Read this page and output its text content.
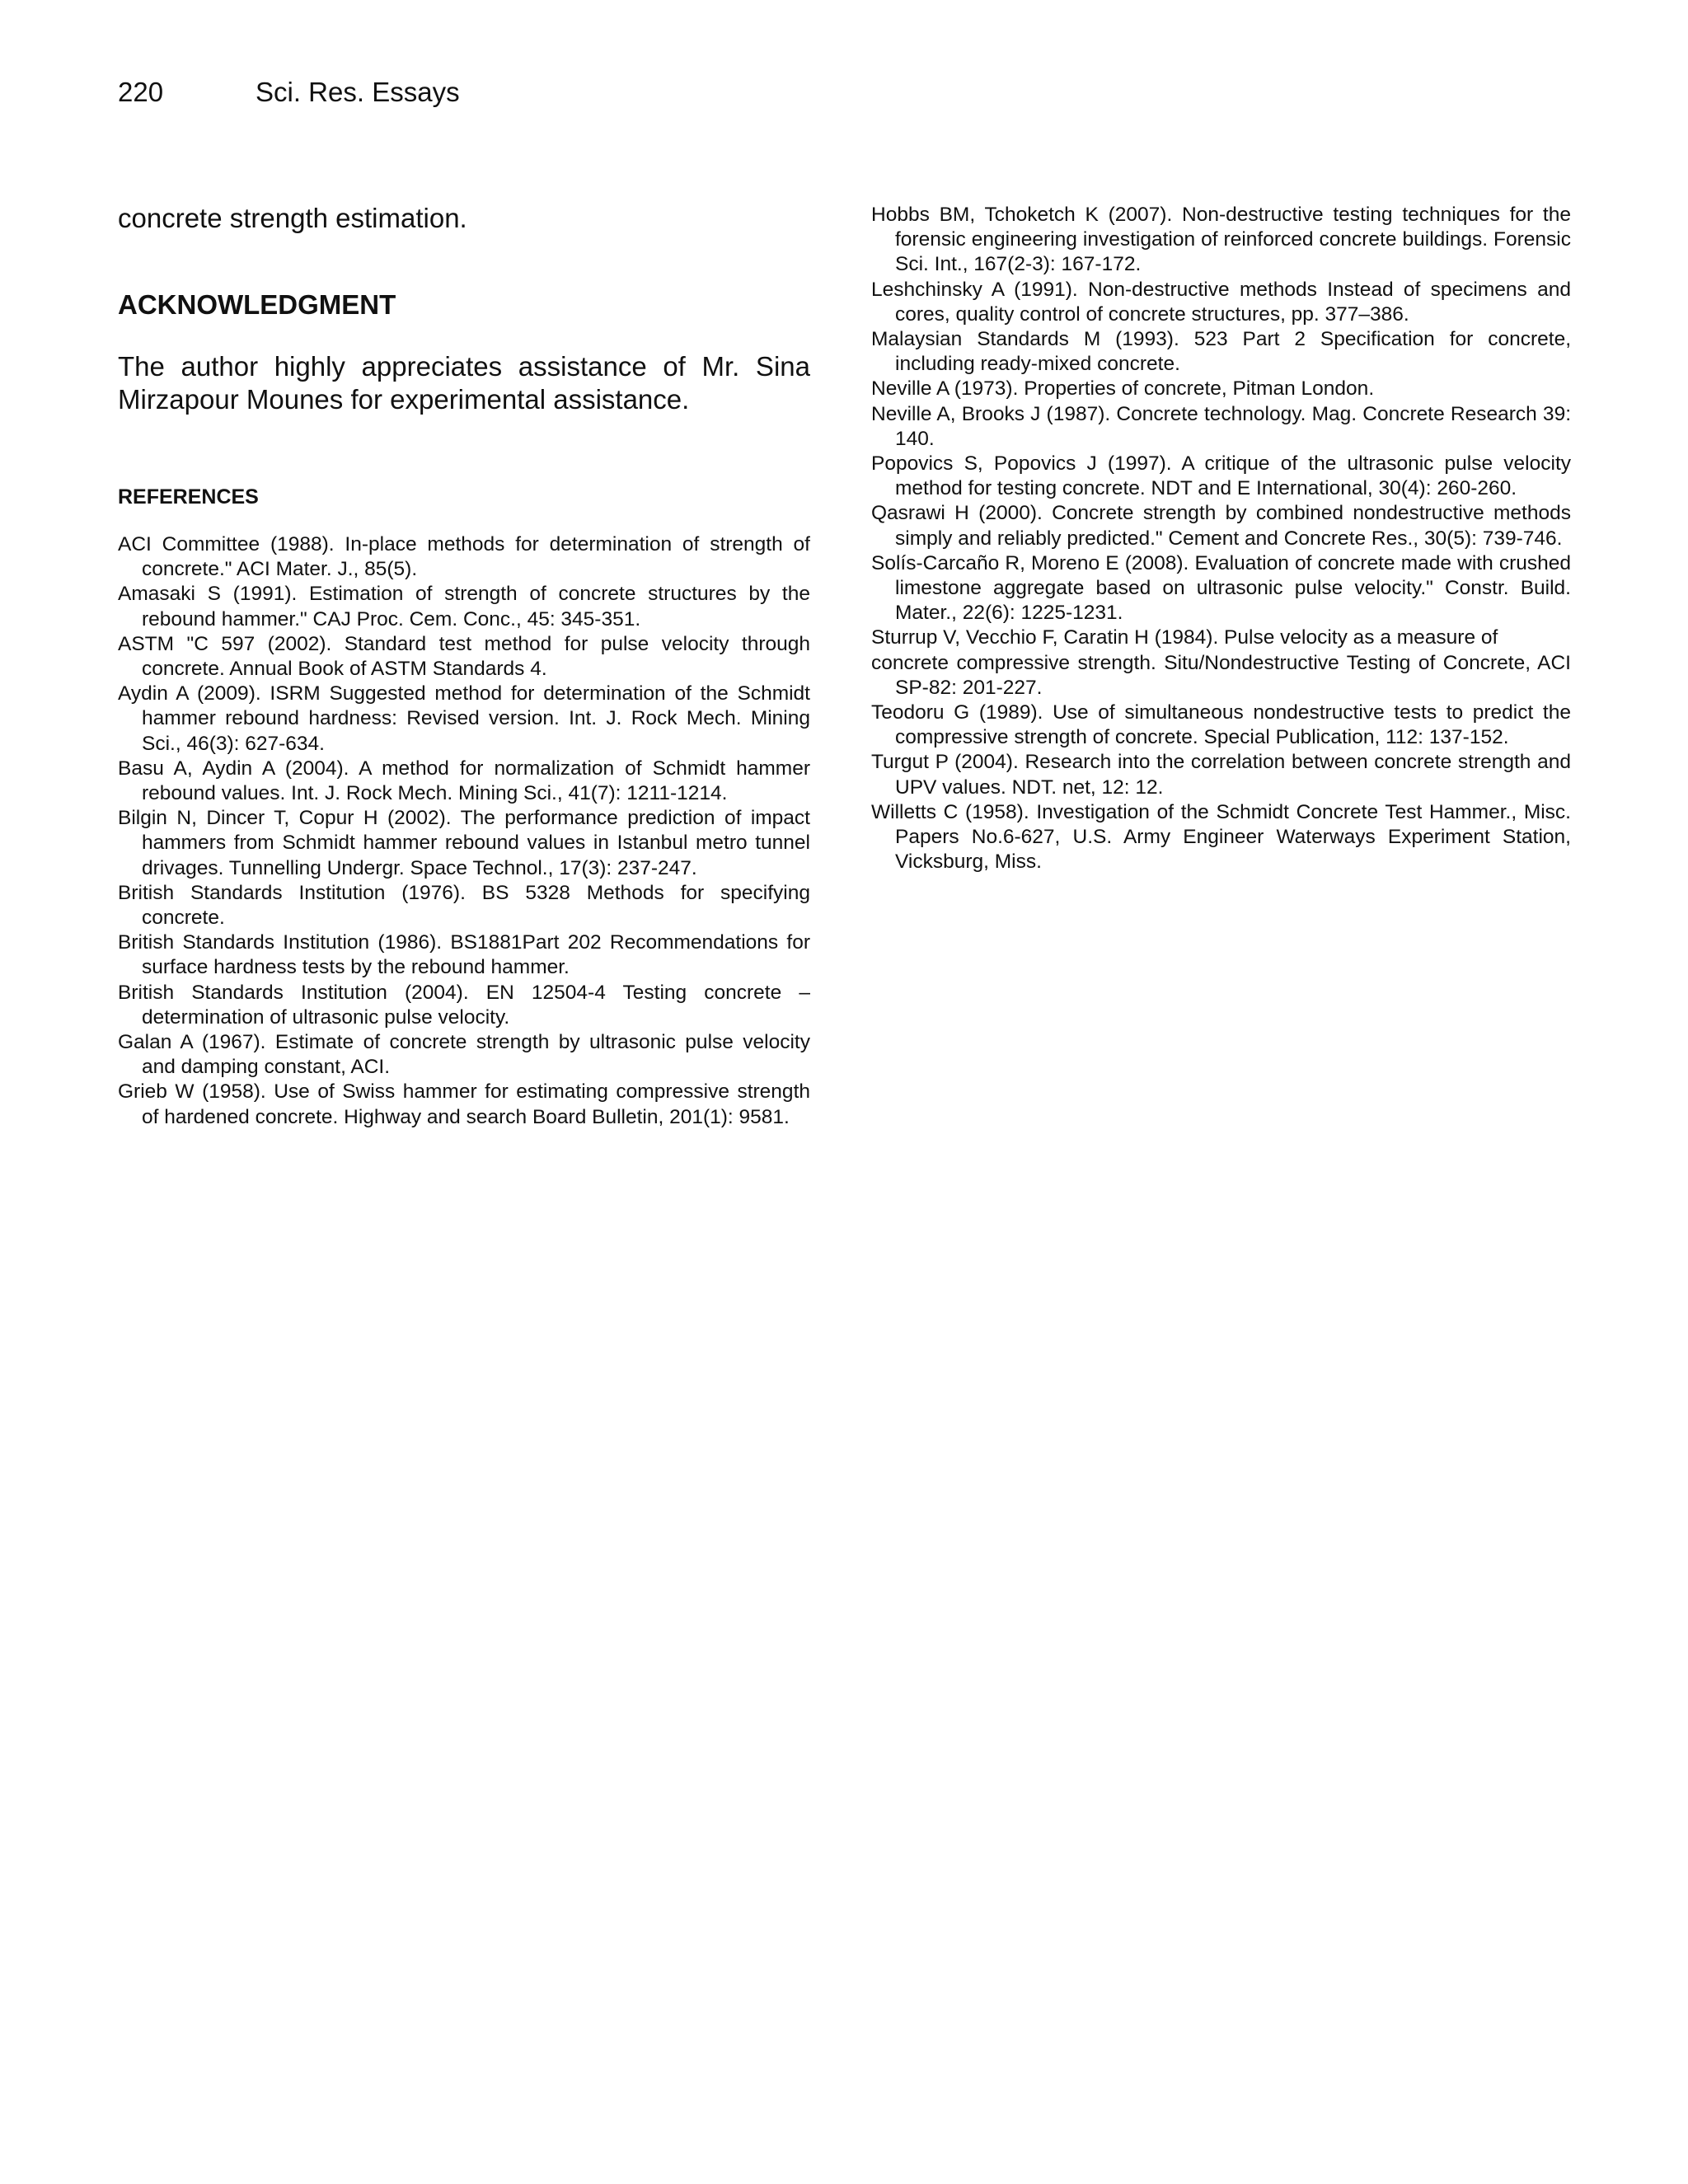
220	Sci. Res. Essays

concrete strength estimation.

ACKNOWLEDGMENT

The author highly appreciates assistance of Mr. Sina Mirzapour Mounes for experimental assistance.

REFERENCES
ACI Committee (1988). In-place methods for determination of strength of concrete." ACI Mater. J., 85(5).
Amasaki S (1991). Estimation of strength of concrete structures by the rebound hammer." CAJ Proc. Cem. Conc., 45: 345-351.
ASTM "C 597 (2002). Standard test method for pulse velocity through concrete. Annual Book of ASTM Standards 4.
Aydin A (2009). ISRM Suggested method for determination of the Schmidt hammer rebound hardness: Revised version. Int. J. Rock Mech. Mining Sci., 46(3): 627-634.
Basu A, Aydin A (2004). A method for normalization of Schmidt hammer rebound values. Int. J. Rock Mech. Mining Sci., 41(7): 1211-1214.
Bilgin N, Dincer T, Copur H (2002). The performance prediction of impact hammers from Schmidt hammer rebound values in Istanbul metro tunnel drivages. Tunnelling Undergr. Space Technol., 17(3): 237-247.
British Standards Institution (1976). BS 5328 Methods for specifying concrete.
British Standards Institution (1986). BS1881Part 202 Recommendations for surface hardness tests by the rebound hammer.
British Standards Institution (2004). EN 12504-4 Testing concrete – determination of ultrasonic pulse velocity.
Galan A (1967). Estimate of concrete strength by ultrasonic pulse velocity and damping constant, ACI.
Grieb W (1958). Use of Swiss hammer for estimating compressive strength of hardened concrete. Highway and search Board Bulletin, 201(1): 9581.
Hobbs BM, Tchoketch K (2007). Non-destructive testing techniques for the forensic engineering investigation of reinforced concrete buildings. Forensic Sci. Int., 167(2-3): 167-172.
Leshchinsky A (1991). Non-destructive methods Instead of specimens and cores, quality control of concrete structures, pp. 377–386.
Malaysian Standards M (1993). 523 Part 2 Specification for concrete, including ready-mixed concrete.
Neville A (1973). Properties of concrete, Pitman London.
Neville A, Brooks J (1987). Concrete technology. Mag. Concrete Research 39: 140.
Popovics S, Popovics J (1997). A critique of the ultrasonic pulse velocity method for testing concrete. NDT and E International, 30(4): 260-260.
Qasrawi H (2000). Concrete strength by combined nondestructive methods simply and reliably predicted." Cement and Concrete Res., 30(5): 739-746.
Solís-Carcaño R, Moreno E (2008). Evaluation of concrete made with crushed limestone aggregate based on ultrasonic pulse velocity." Constr. Build. Mater., 22(6): 1225-1231.
Sturrup V, Vecchio F, Caratin H (1984). Pulse velocity as a measure of
concrete compressive strength. Situ/Nondestructive Testing of Concrete, ACI SP-82: 201-227.
Teodoru G (1989). Use of simultaneous nondestructive tests to predict the compressive strength of concrete. Special Publication, 112: 137-152.
Turgut P (2004). Research into the correlation between concrete strength and UPV values. NDT. net, 12: 12.
Willetts C (1958). Investigation of the Schmidt Concrete Test Hammer., Misc. Papers No.6-627, U.S. Army Engineer Waterways Experiment Station, Vicksburg, Miss.
